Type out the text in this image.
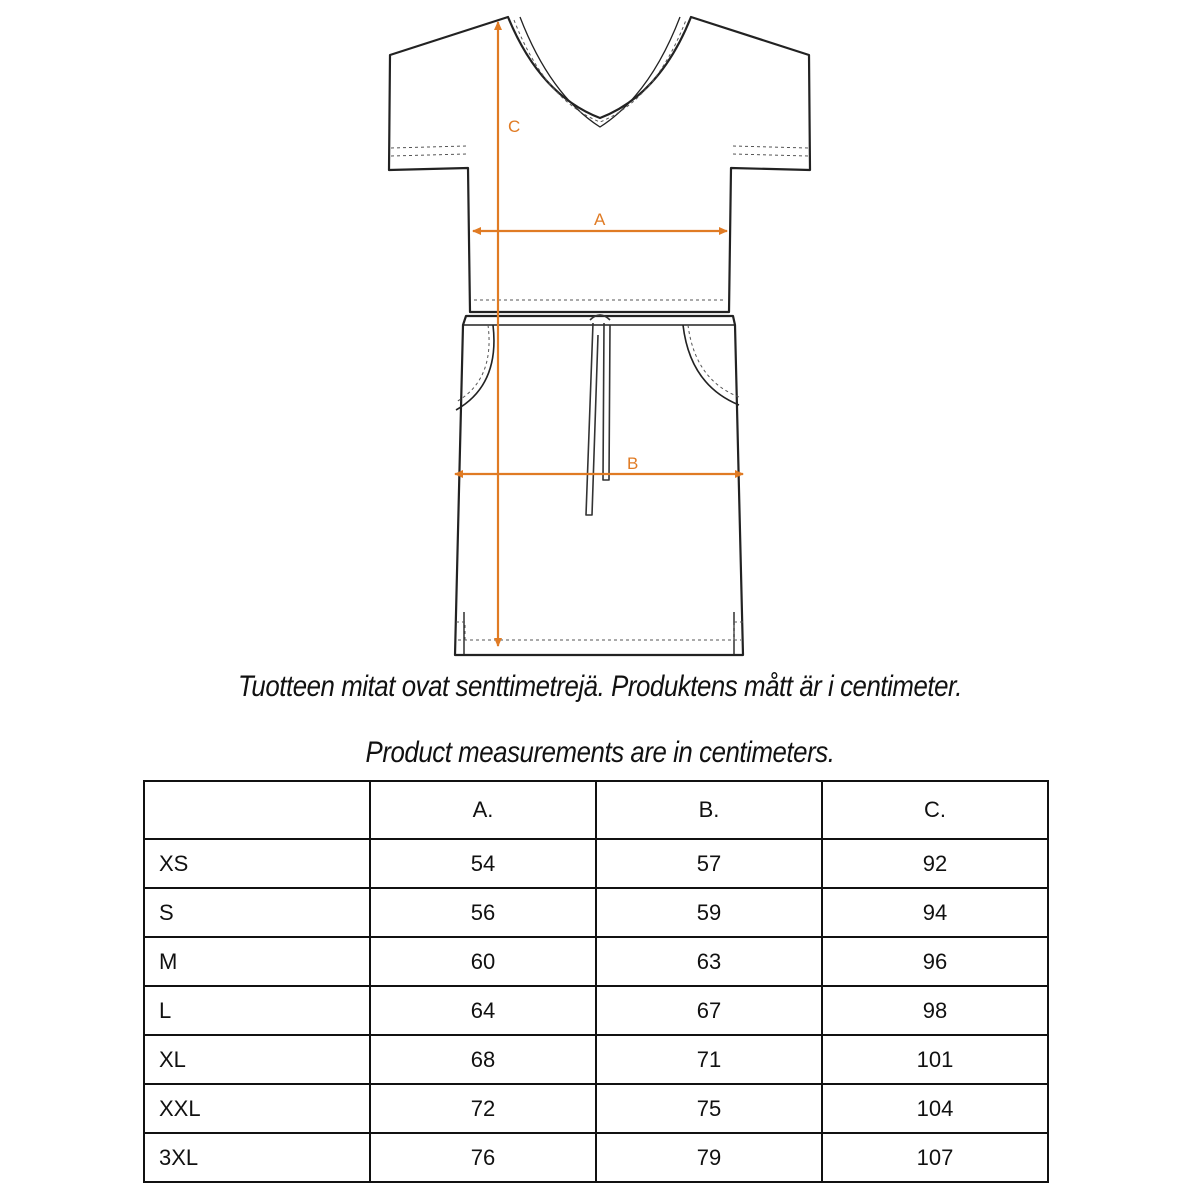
C
A
B
Tuotteen mitat ovat senttimetrejä. Produktens mått är i centimeter.
Product measurements are in centimeters.
	A.	B.	C.
XS	54	57	92
S	56	59	94
M	60	63	96
L	64	67	98
XL	68	71	101
XXL	72	75	104
3XL	76	79	107
